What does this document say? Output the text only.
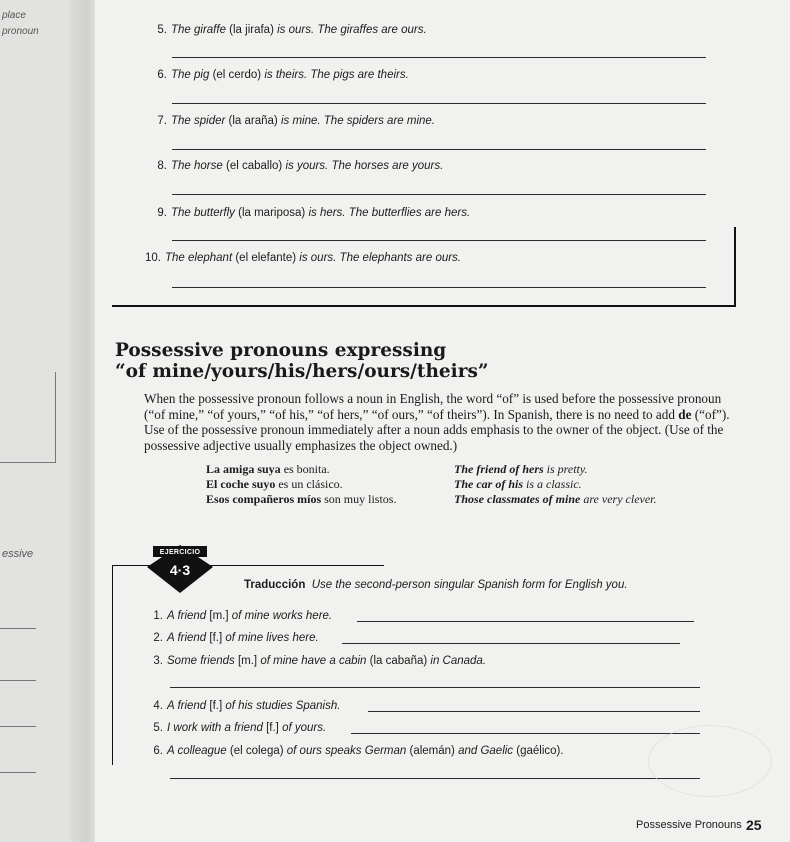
place
pronoun
essive
5. The giraffe (la jirafa) is ours. The giraffes are ours.
6. The pig (el cerdo) is theirs. The pigs are theirs.
7. The spider (la araña) is mine. The spiders are mine.
8. The horse (el caballo) is yours. The horses are yours.
9. The butterfly (la mariposa) is hers. The butterflies are hers.
10. The elephant (el elefante) is ours. The elephants are ours.
Possessive pronouns expressing
“of mine/yours/his/hers/ours/theirs”
When the possessive pronoun follows a noun in English, the word “of” is used before the possessive pronoun (“of mine,” “of yours,” “of his,” “of hers,” “of ours,” “of theirs”). In Spanish, there is no need to add de (“of”). Use of the possessive pronoun immediately after a noun adds emphasis to the owner of the object. (Use of the possessive adjective usually emphasizes the object owned.)
La amiga suya es bonita.	The friend of hers is pretty.
El coche suyo es un clásico.	The car of his is a classic.
Esos compañeros míos son muy listos.	Those classmates of mine are very clever.
EJERCICIO
4·3
Traducción Use the second-person singular Spanish form for English you.
1. A friend [m.] of mine works here.
2. A friend [f.] of mine lives here.
3. Some friends [m.] of mine have a cabin (la cabaña) in Canada.
4. A friend [f.] of his studies Spanish.
5. I work with a friend [f.] of yours.
6. A colleague (el colega) of ours speaks German (alemán) and Gaelic (gaélico).
Possessive Pronouns 25
